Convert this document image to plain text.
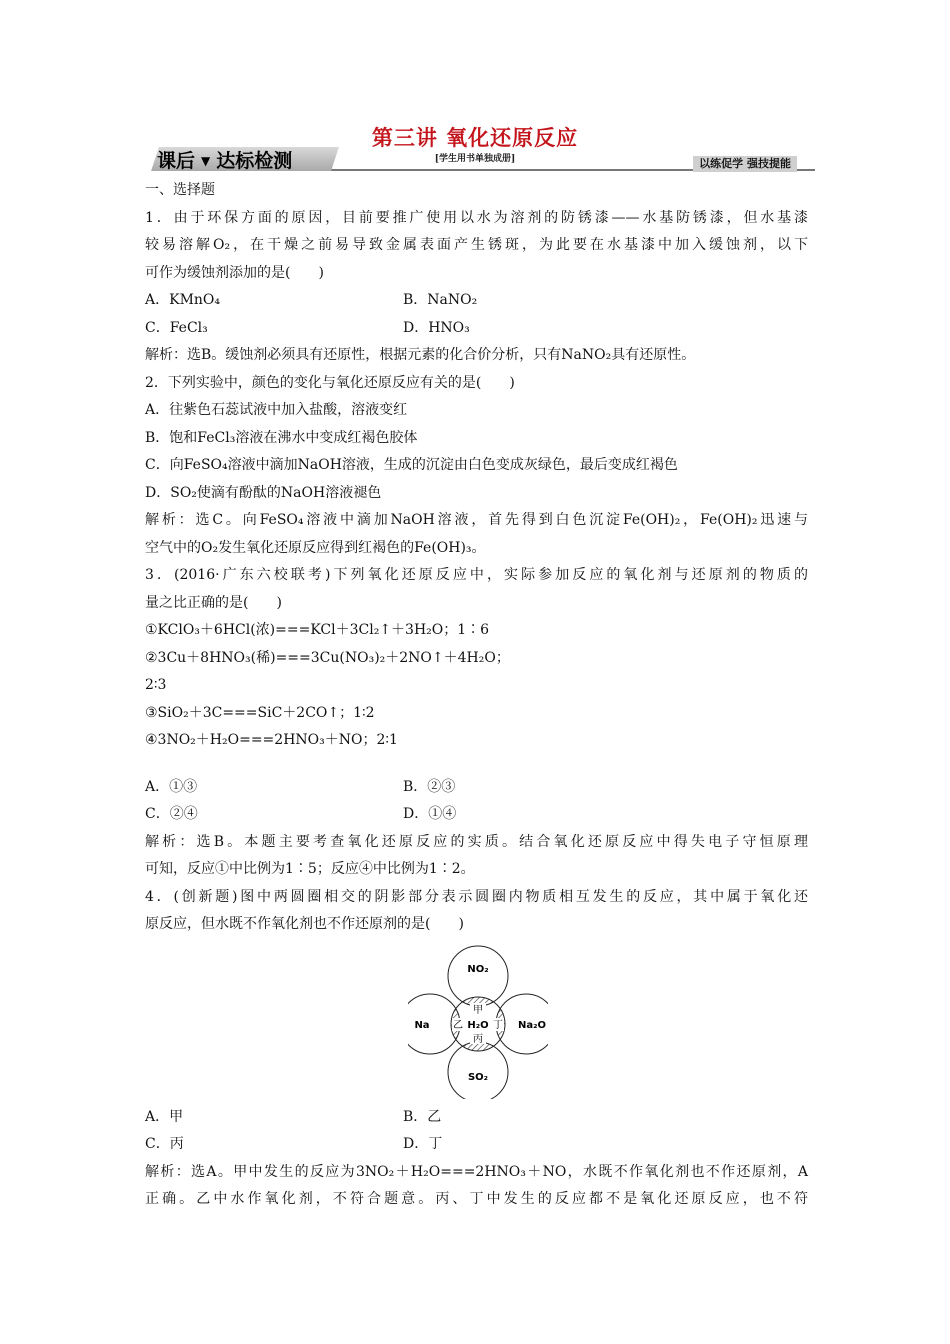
第三讲 氧化还原反应
课后 ▼ 达标检测	以练促学 强技提能
[学生用书单独成册]
一、选择题
1．由于环保方面的原因，目前要推广使用以水为溶剂的防锈漆——水基防锈漆，但水基漆
较易溶解O₂，在干燥之前易导致金属表面产生锈斑，为此要在水基漆中加入缓蚀剂，以下
可作为缓蚀剂添加的是(　　)
A．KMnO₄	B．NaNO₂
C．FeCl₃	D．HNO₃
解析：选B。缓蚀剂必须具有还原性，根据元素的化合价分析，只有NaNO₂具有还原性。
2．下列实验中，颜色的变化与氧化还原反应有关的是(　　)
A．往紫色石蕊试液中加入盐酸，溶液变红
B．饱和FeCl₃溶液在沸水中变成红褐色胶体
C．向FeSO₄溶液中滴加NaOH溶液，生成的沉淀由白色变成灰绿色，最后变成红褐色
D．SO₂使滴有酚酞的NaOH溶液褪色
解析：选C。向FeSO₄溶液中滴加NaOH溶液，首先得到白色沉淀Fe(OH)₂，Fe(OH)₂迅速与
空气中的O₂发生氧化还原反应得到红褐色的Fe(OH)₃。
3．(2016·广东六校联考)下列氧化还原反应中，实际参加反应的氧化剂与还原剂的物质的
量之比正确的是(　　)
①KClO₃＋6HCl(浓)===KCl＋3Cl₂↑＋3H₂O；1∶6
②3Cu＋8HNO₃(稀)===3Cu(NO₃)₂＋2NO↑＋4H₂O；
2∶3
③SiO₂＋3C===SiC＋2CO↑；1∶2
④3NO₂＋H₂O===2HNO₃＋NO；2∶1
A．①③	B．②③
C．②④	D．①④
解析：选B。本题主要考查氧化还原反应的实质。结合氧化还原反应中得失电子守恒原理
可知，反应①中比例为1∶5；反应④中比例为1∶2。
4．(创新题)图中两圆圈相交的阴影部分表示圆圈内物质相互发生的反应，其中属于氧化还
原反应，但水既不作氧化剂也不作还原剂的是(　　)
NO₂
Na	Na₂O
SO₂
H₂O
甲
乙
丙
丁
A．甲	B．乙
C．丙	D．丁
解析：选A。甲中发生的反应为3NO₂＋H₂O===2HNO₃＋NO，水既不作氧化剂也不作还原剂，A
正确。乙中水作氧化剂，不符合题意。丙、丁中发生的反应都不是氧化还原反应，也不符
